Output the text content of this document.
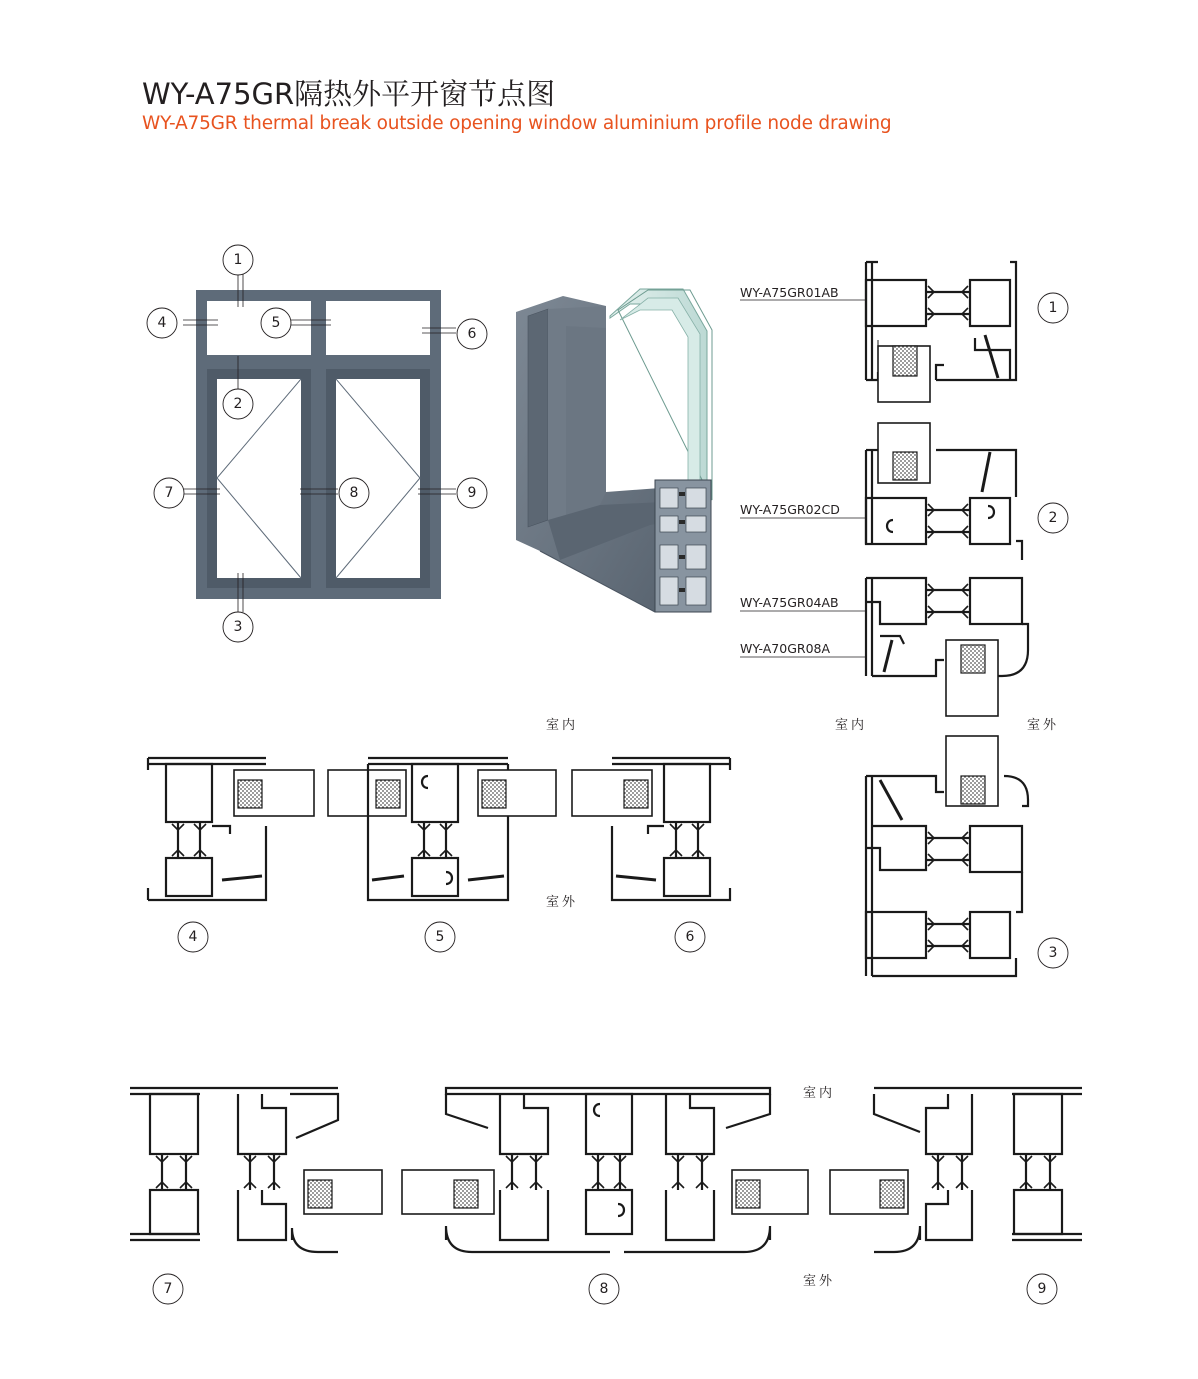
WY-A75GR隔热外平开窗节点图
WY-A75GR thermal break outside opening window aluminium profile node drawing
1
4	5
6
2
7	8	9
3
WY-A75GR01AB
1
WY-A75GR02CD
2
WY-A75GR04AB
WY-A70GR08A
室内	室内	室外
3
4	5
室外
6
7	8
室内
室外	9
